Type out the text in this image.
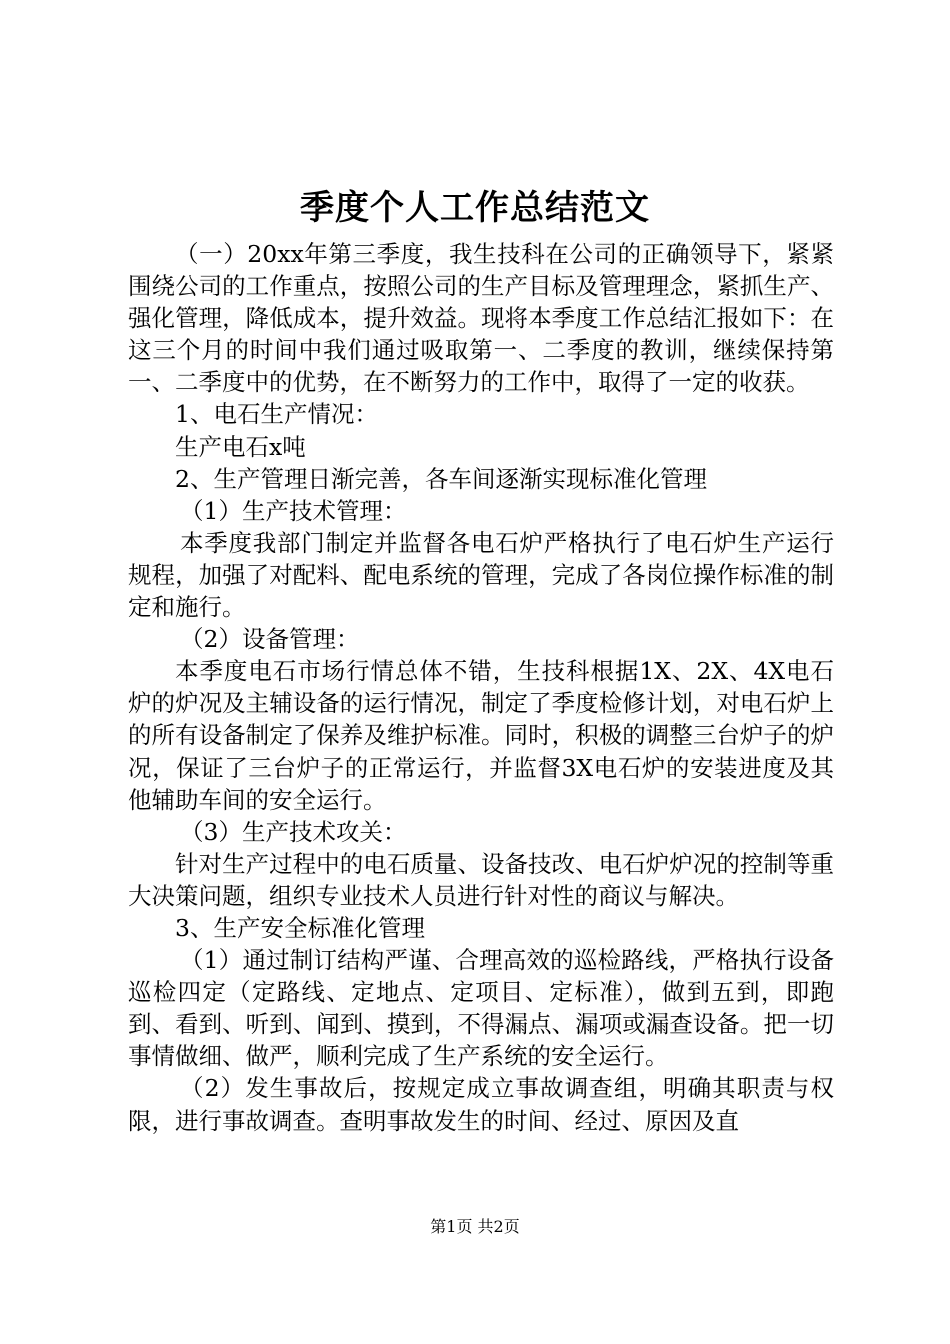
季度个人工作总结范文

（一）20xx年第三季度，我生技科在公司的正确领导下，紧紧围绕公司的工作重点，按照公司的生产目标及管理理念，紧抓生产、强化管理，降低成本，提升效益。现将本季度工作总结汇报如下：在这三个月的时间中我们通过吸取第一、二季度的教训，继续保持第一、二季度中的优势，在不断努力的工作中，取得了一定的收获。

1、电石生产情况：

生产电石x吨

2、生产管理日渐完善，各车间逐渐实现标准化管理

（1）生产技术管理：

本季度我部门制定并监督各电石炉严格执行了电石炉生产运行规程，加强了对配料、配电系统的管理，完成了各岗位操作标准的制定和施行。

（2）设备管理：

本季度电石市场行情总体不错，生技科根据1X、2X、4X电石炉的炉况及主辅设备的运行情况，制定了季度检修计划，对电石炉上的所有设备制定了保养及维护标准。同时，积极的调整三台炉子的炉况，保证了三台炉子的正常运行，并监督3X电石炉的安装进度及其他辅助车间的安全运行。

（3）生产技术攻关：

针对生产过程中的电石质量、设备技改、电石炉炉况的控制等重大决策问题，组织专业技术人员进行针对性的商议与解决。

3、生产安全标准化管理

（1）通过制订结构严谨、合理高效的巡检路线，严格执行设备巡检四定（定路线、定地点、定项目、定标准），做到五到，即跑到、看到、听到、闻到、摸到，不得漏点、漏项或漏查设备。把一切事情做细、做严，顺利完成了生产系统的安全运行。

（2）发生事故后，按规定成立事故调查组，明确其职责与权限，进行事故调查。查明事故发生的时间、经过、原因及直

第1页 共2页
